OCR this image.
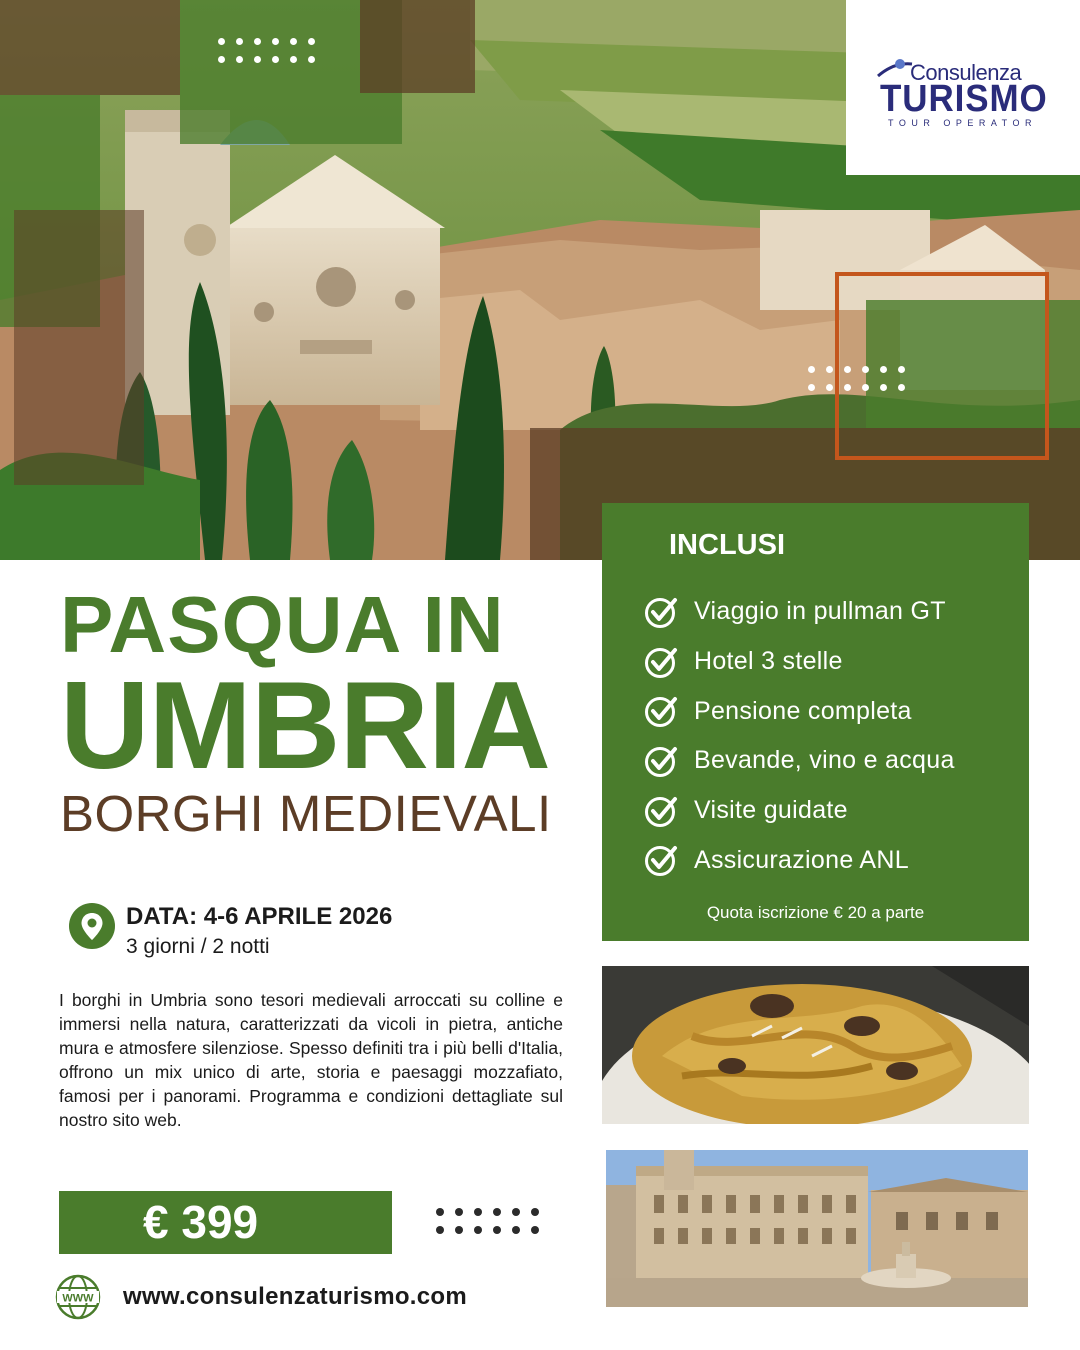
Consulenza
TURISMO
TOUR OPERATOR
PASQUA IN
UMBRIA
BORGHI MEDIEVALI
DATA: 4-6 APRILE 2026
3 giorni / 2 notti

I borghi in Umbria sono tesori medievali arroccati su colline e immersi nella natura, caratterizzati da vicoli in pietra, antiche mura e atmosfere silenziose. Spesso definiti tra i più belli d'Italia, offrono un mix unico di arte, storia e paesaggi mozzafiato, famosi per i panorami. Programma e condizioni dettagliate sul nostro sito web.

€ 399
WWW www.consulenzaturismo.com
INCLUSI
Viaggio in pullman GT
Hotel 3 stelle
Pensione completa
Bevande, vino e acqua
Visite guidate
Assicurazione ANL
Quota iscrizione € 20 a parte
